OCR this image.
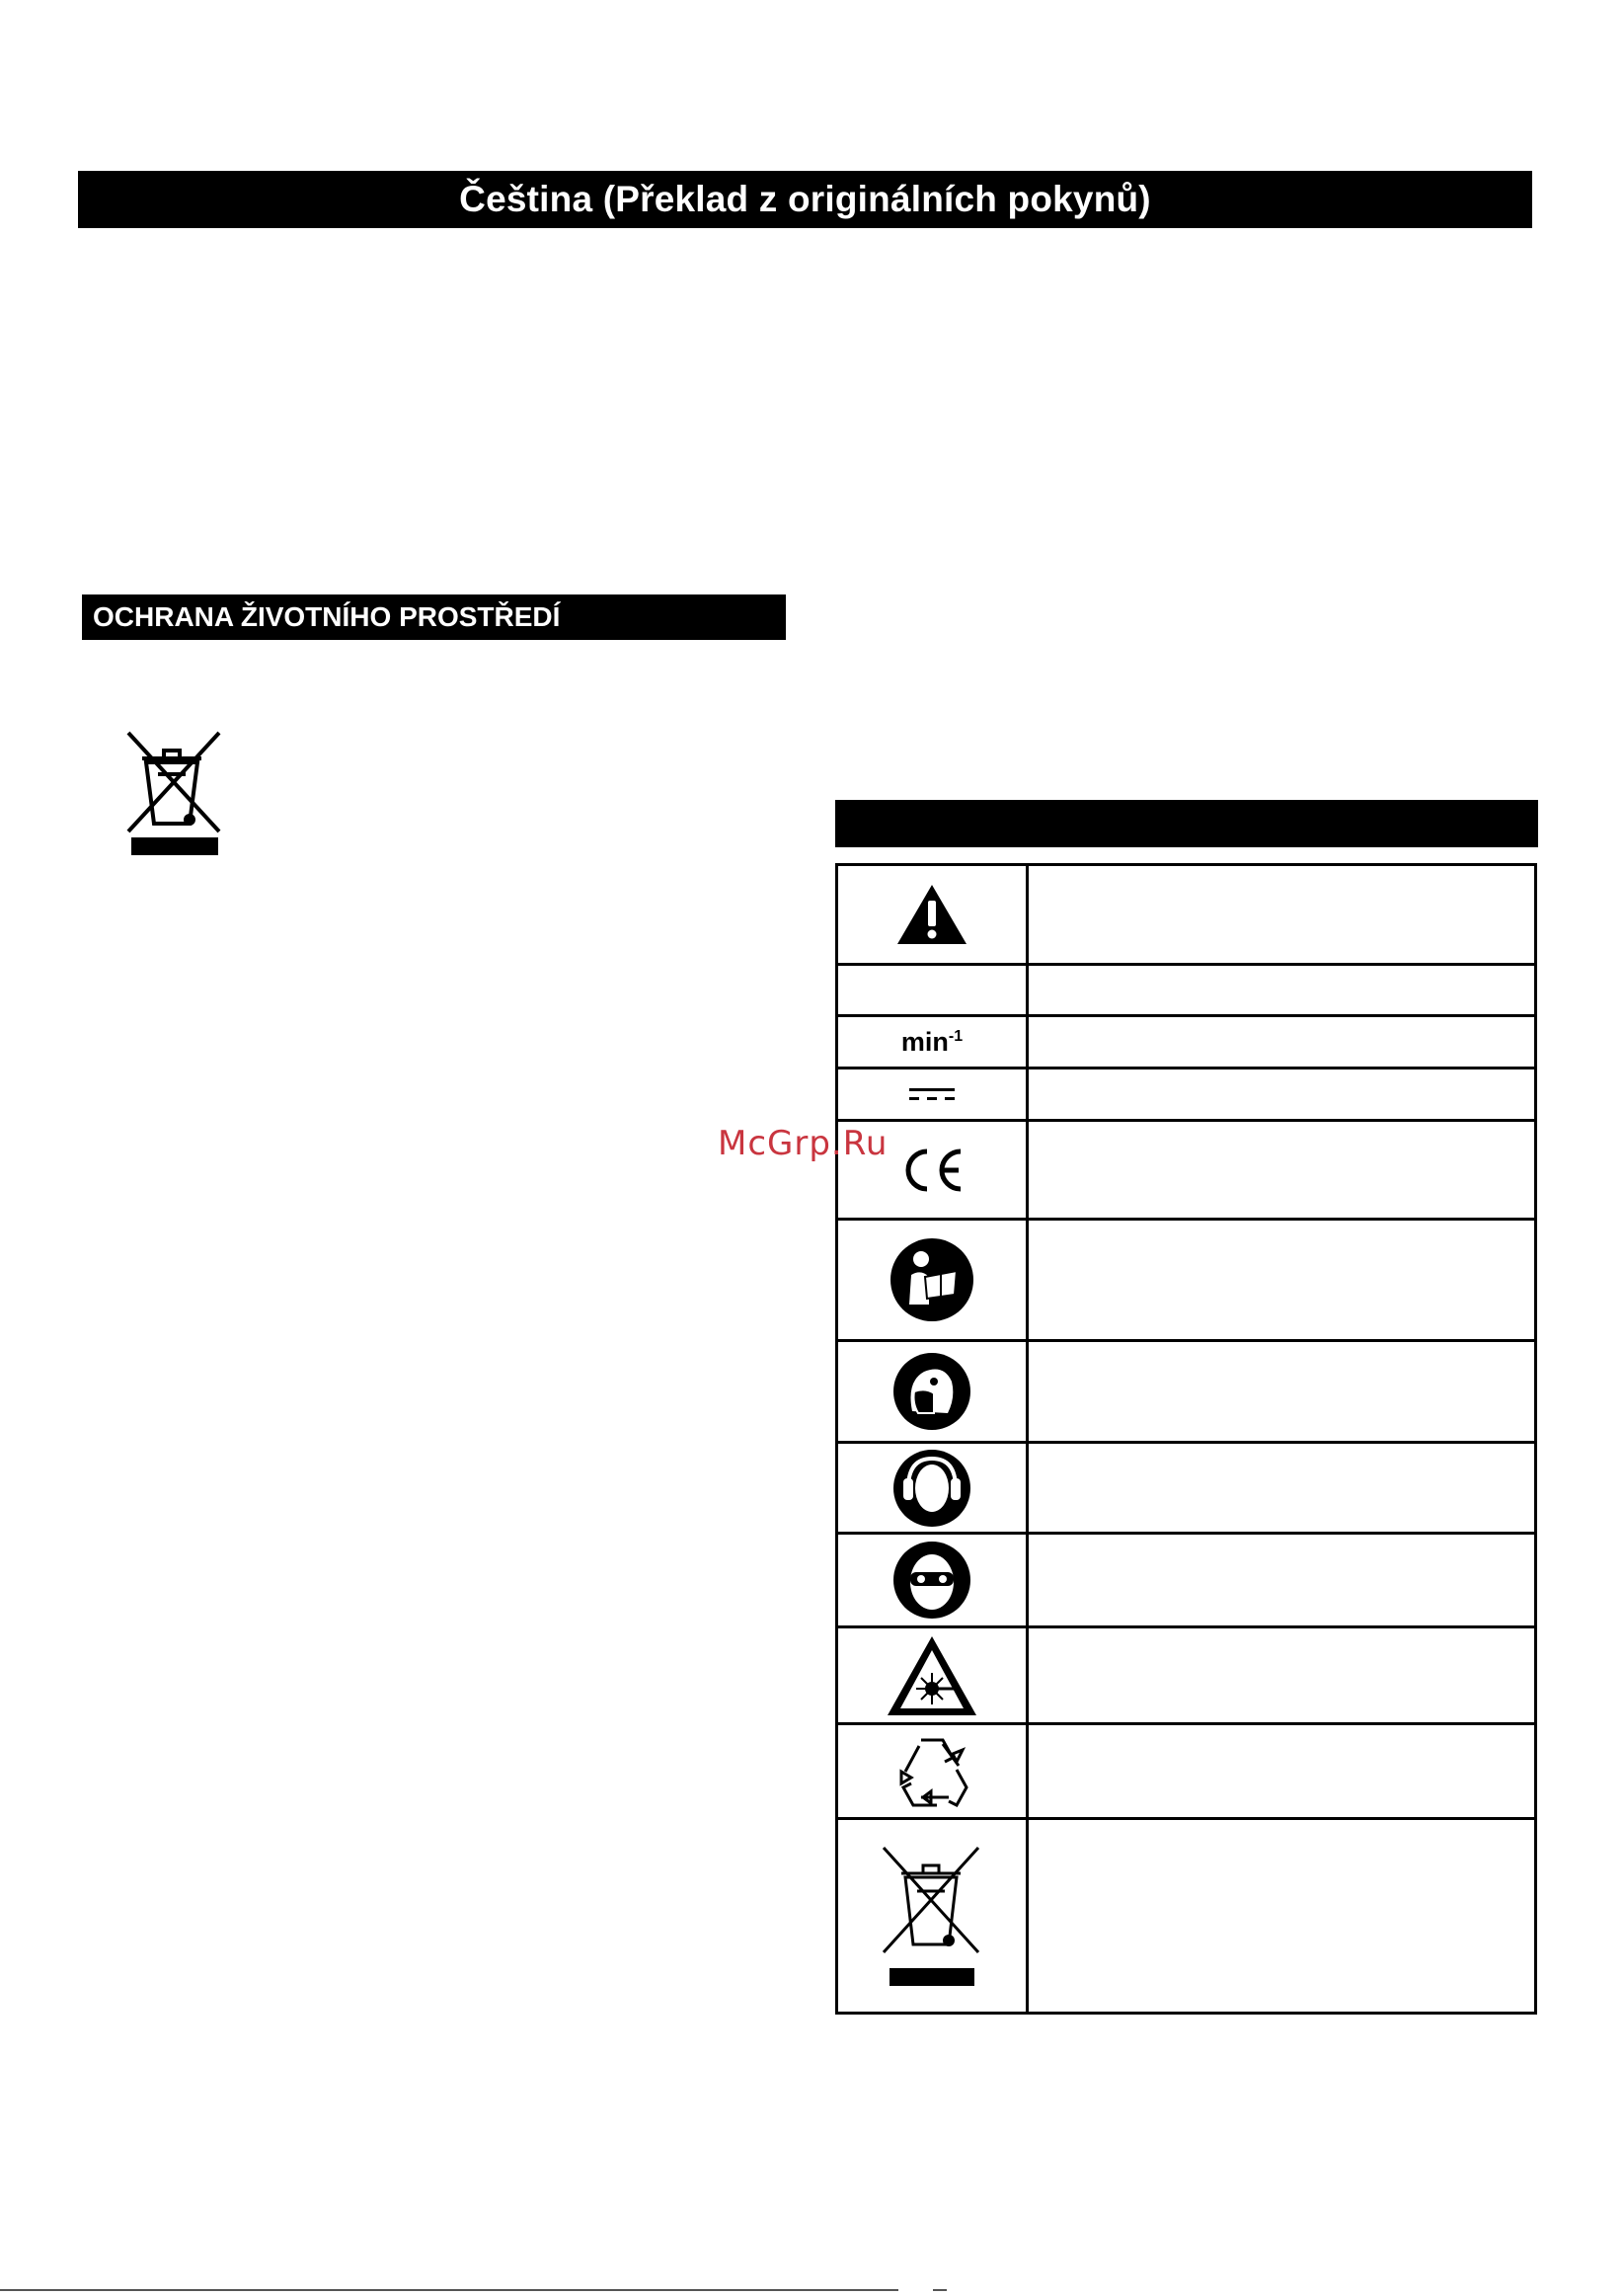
Čeština (Překlad z originálních pokynů)
OCHRANA ŽIVOTNÍHO PROSTŘEDÍ

$\min^{-1}$	

McGrp.Ru
